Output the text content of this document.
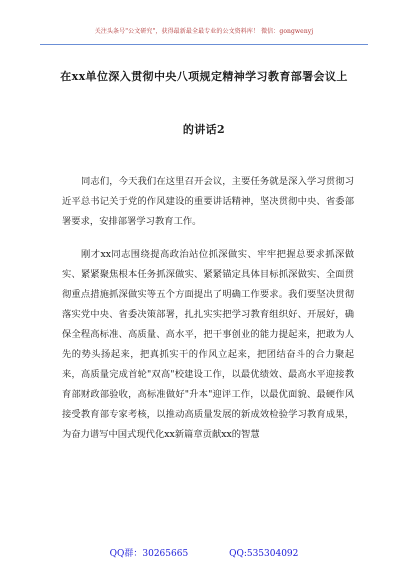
关注头条号"公文研究"，获得最新最全最专业的公文资料库！ 微信：gongwenyj
在xx单位深入贯彻中央八项规定精神学习教育部署会议上
的讲话2

同志们，今天我们在这里召开会议，主要任务就是深入学习贯彻习近平总书记关于党的作风建设的重要讲话精神，坚决贯彻中央、省委部署要求，安排部署学习教育工作。

刚才xx同志围绕提高政治站位抓深做实、牢牢把握总要求抓深做实、紧紧聚焦根本任务抓深做实、紧紧锚定具体目标抓深做实、全面贯彻重点措施抓深做实等五个方面提出了明确工作要求。我们要坚决贯彻落实党中央、省委决策部署，扎扎实实把学习教育组织好、开展好，确保全程高标准、高质量、高水平，把干事创业的能力提起来，把敢为人先的势头扬起来，把真抓实干的作风立起来，把团结奋斗的合力聚起来，高质量完成首轮"双高"校建设工作，以最优绩效、最高水平迎接教育部财政部验收，高标准做好"升本"迎评工作，以最优面貌、最硬作风接受教育部专家考核，以推动高质量发展的新成效检验学习教育成果，为奋力谱写中国式现代化xx新篇章贡献xx的智慧

QQ群：30265665	QQ:535304092
